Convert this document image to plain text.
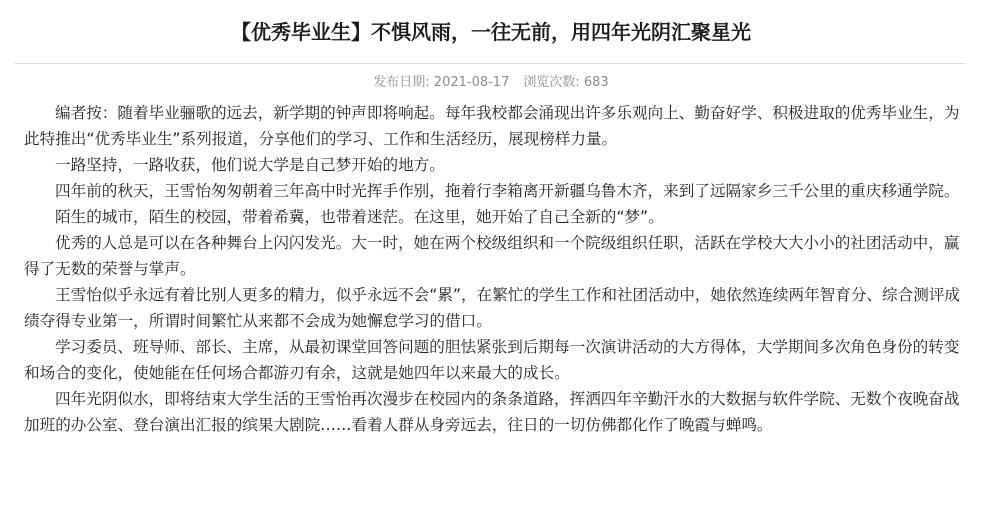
【优秀毕业生】不惧风雨，一往无前，用四年光阴汇聚星光
发布日期: 2021-08-17 浏览次数: 683

编者按：随着毕业骊歌的远去，新学期的钟声即将响起。每年我校都会涌现出许多乐观向上、勤奋好学、积极进取的优秀毕业生，为此特推出“优秀毕业生”系列报道，分享他们的学习、工作和生活经历，展现榜样力量。

一路坚持，一路收获，他们说大学是自己梦开始的地方。

四年前的秋天，王雪怡匆匆朝着三年高中时光挥手作别，拖着行李箱离开新疆乌鲁木齐，来到了远隔家乡三千公里的重庆移通学院。

陌生的城市，陌生的校园，带着希冀，也带着迷茫。在这里，她开始了自己全新的“梦”。

优秀的人总是可以在各种舞台上闪闪发光。大一时，她在两个校级组织和一个院级组织任职，活跃在学校大大小小的社团活动中，赢得了无数的荣誉与掌声。

王雪怡似乎永远有着比别人更多的精力，似乎永远不会“累”，在繁忙的学生工作和社团活动中，她依然连续两年智育分、综合测评成绩夺得专业第一，所谓时间繁忙从来都不会成为她懈怠学习的借口。

学习委员、班导师、部长、主席，从最初课堂回答问题的胆怯紧张到后期每一次演讲活动的大方得体，大学期间多次角色身份的转变和场合的变化，使她能在任何场合都游刃有余，这就是她四年以来最大的成长。

四年光阴似水，即将结束大学生活的王雪怡再次漫步在校园内的条条道路，挥洒四年辛勤汗水的大数据与软件学院、无数个夜晚奋战加班的办公室、登台演出汇报的缤果大剧院……看着人群从身旁远去，往日的一切仿佛都化作了晚霞与蝉鸣。
